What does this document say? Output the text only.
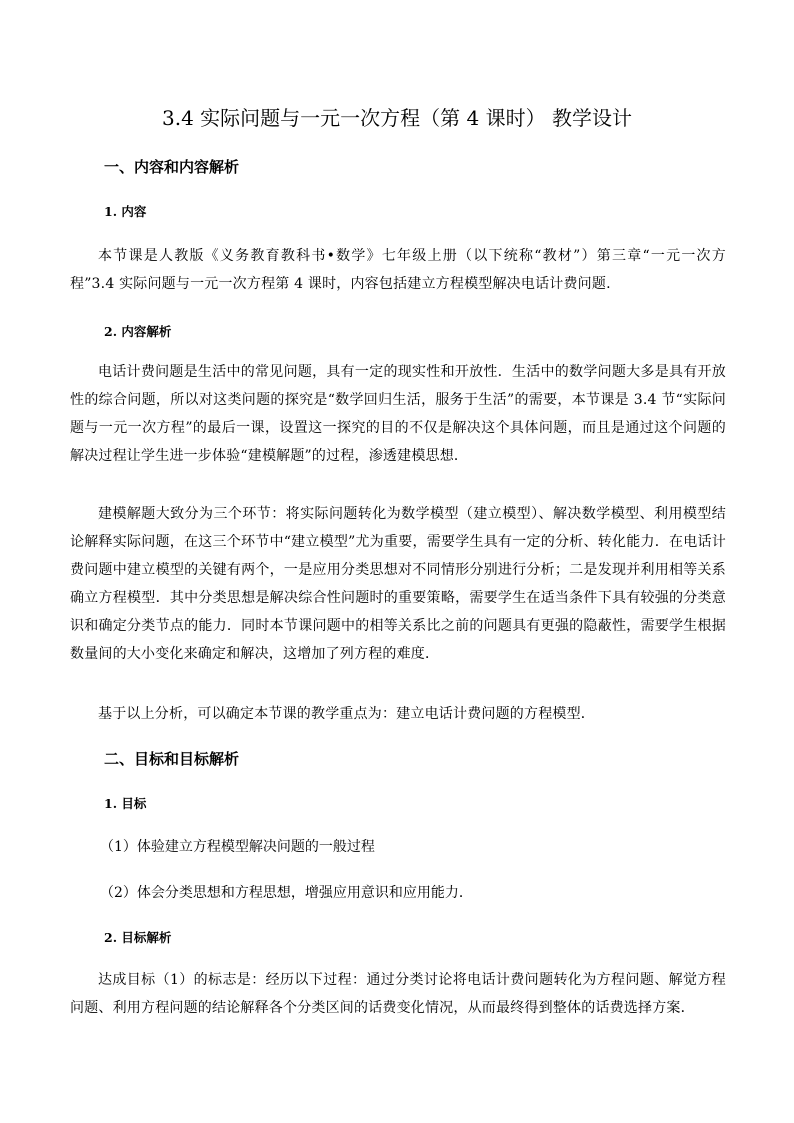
3.4 实际问题与一元一次方程（第 4 课时） 教学设计
一、内容和内容解析
1. 内容
本节课是人教版《义务教育教科书•数学》七年级上册（以下统称“教材”）第三章“一元一次方程”3.4 实际问题与一元一次方程第 4 课时，内容包括建立方程模型解决电话计费问题.
2. 内容解析
电话计费问题是生活中的常见问题，具有一定的现实性和开放性．生活中的数学问题大多是具有开放性的综合问题，所以对这类问题的探究是“数学回归生活，服务于生活”的需要，本节课是 3.4 节“实际问题与一元一次方程”的最后一课，设置这一探究的目的不仅是解决这个具体问题，而且是通过这个问题的解决过程让学生进一步体验“建模解题”的过程，渗透建模思想．
建模解题大致分为三个环节：将实际问题转化为数学模型（建立模型）、解决数学模型、利用模型结论解释实际问题，在这三个环节中“建立模型”尤为重要，需要学生具有一定的分析、转化能力．在电话计费问题中建立模型的关键有两个，一是应用分类思想对不同情形分别进行分析；二是发现并利用相等关系确立方程模型．其中分类思想是解决综合性问题时的重要策略，需要学生在适当条件下具有较强的分类意识和确定分类节点的能力．同时本节课问题中的相等关系比之前的问题具有更强的隐蔽性，需要学生根据数量间的大小变化来确定和解决，这增加了列方程的难度．
基于以上分析，可以确定本节课的教学重点为：建立电话计费问题的方程模型．
二、目标和目标解析
1. 目标
（1）体验建立方程模型解决问题的一般过程
（2）体会分类思想和方程思想，增强应用意识和应用能力．
2. 目标解析
达成目标（1）的标志是：经历以下过程：通过分类讨论将电话计费问题转化为方程问题、解觉方程问题、利用方程问题的结论解释各个分类区间的话费变化情况，从而最终得到整体的话费选择方案．
